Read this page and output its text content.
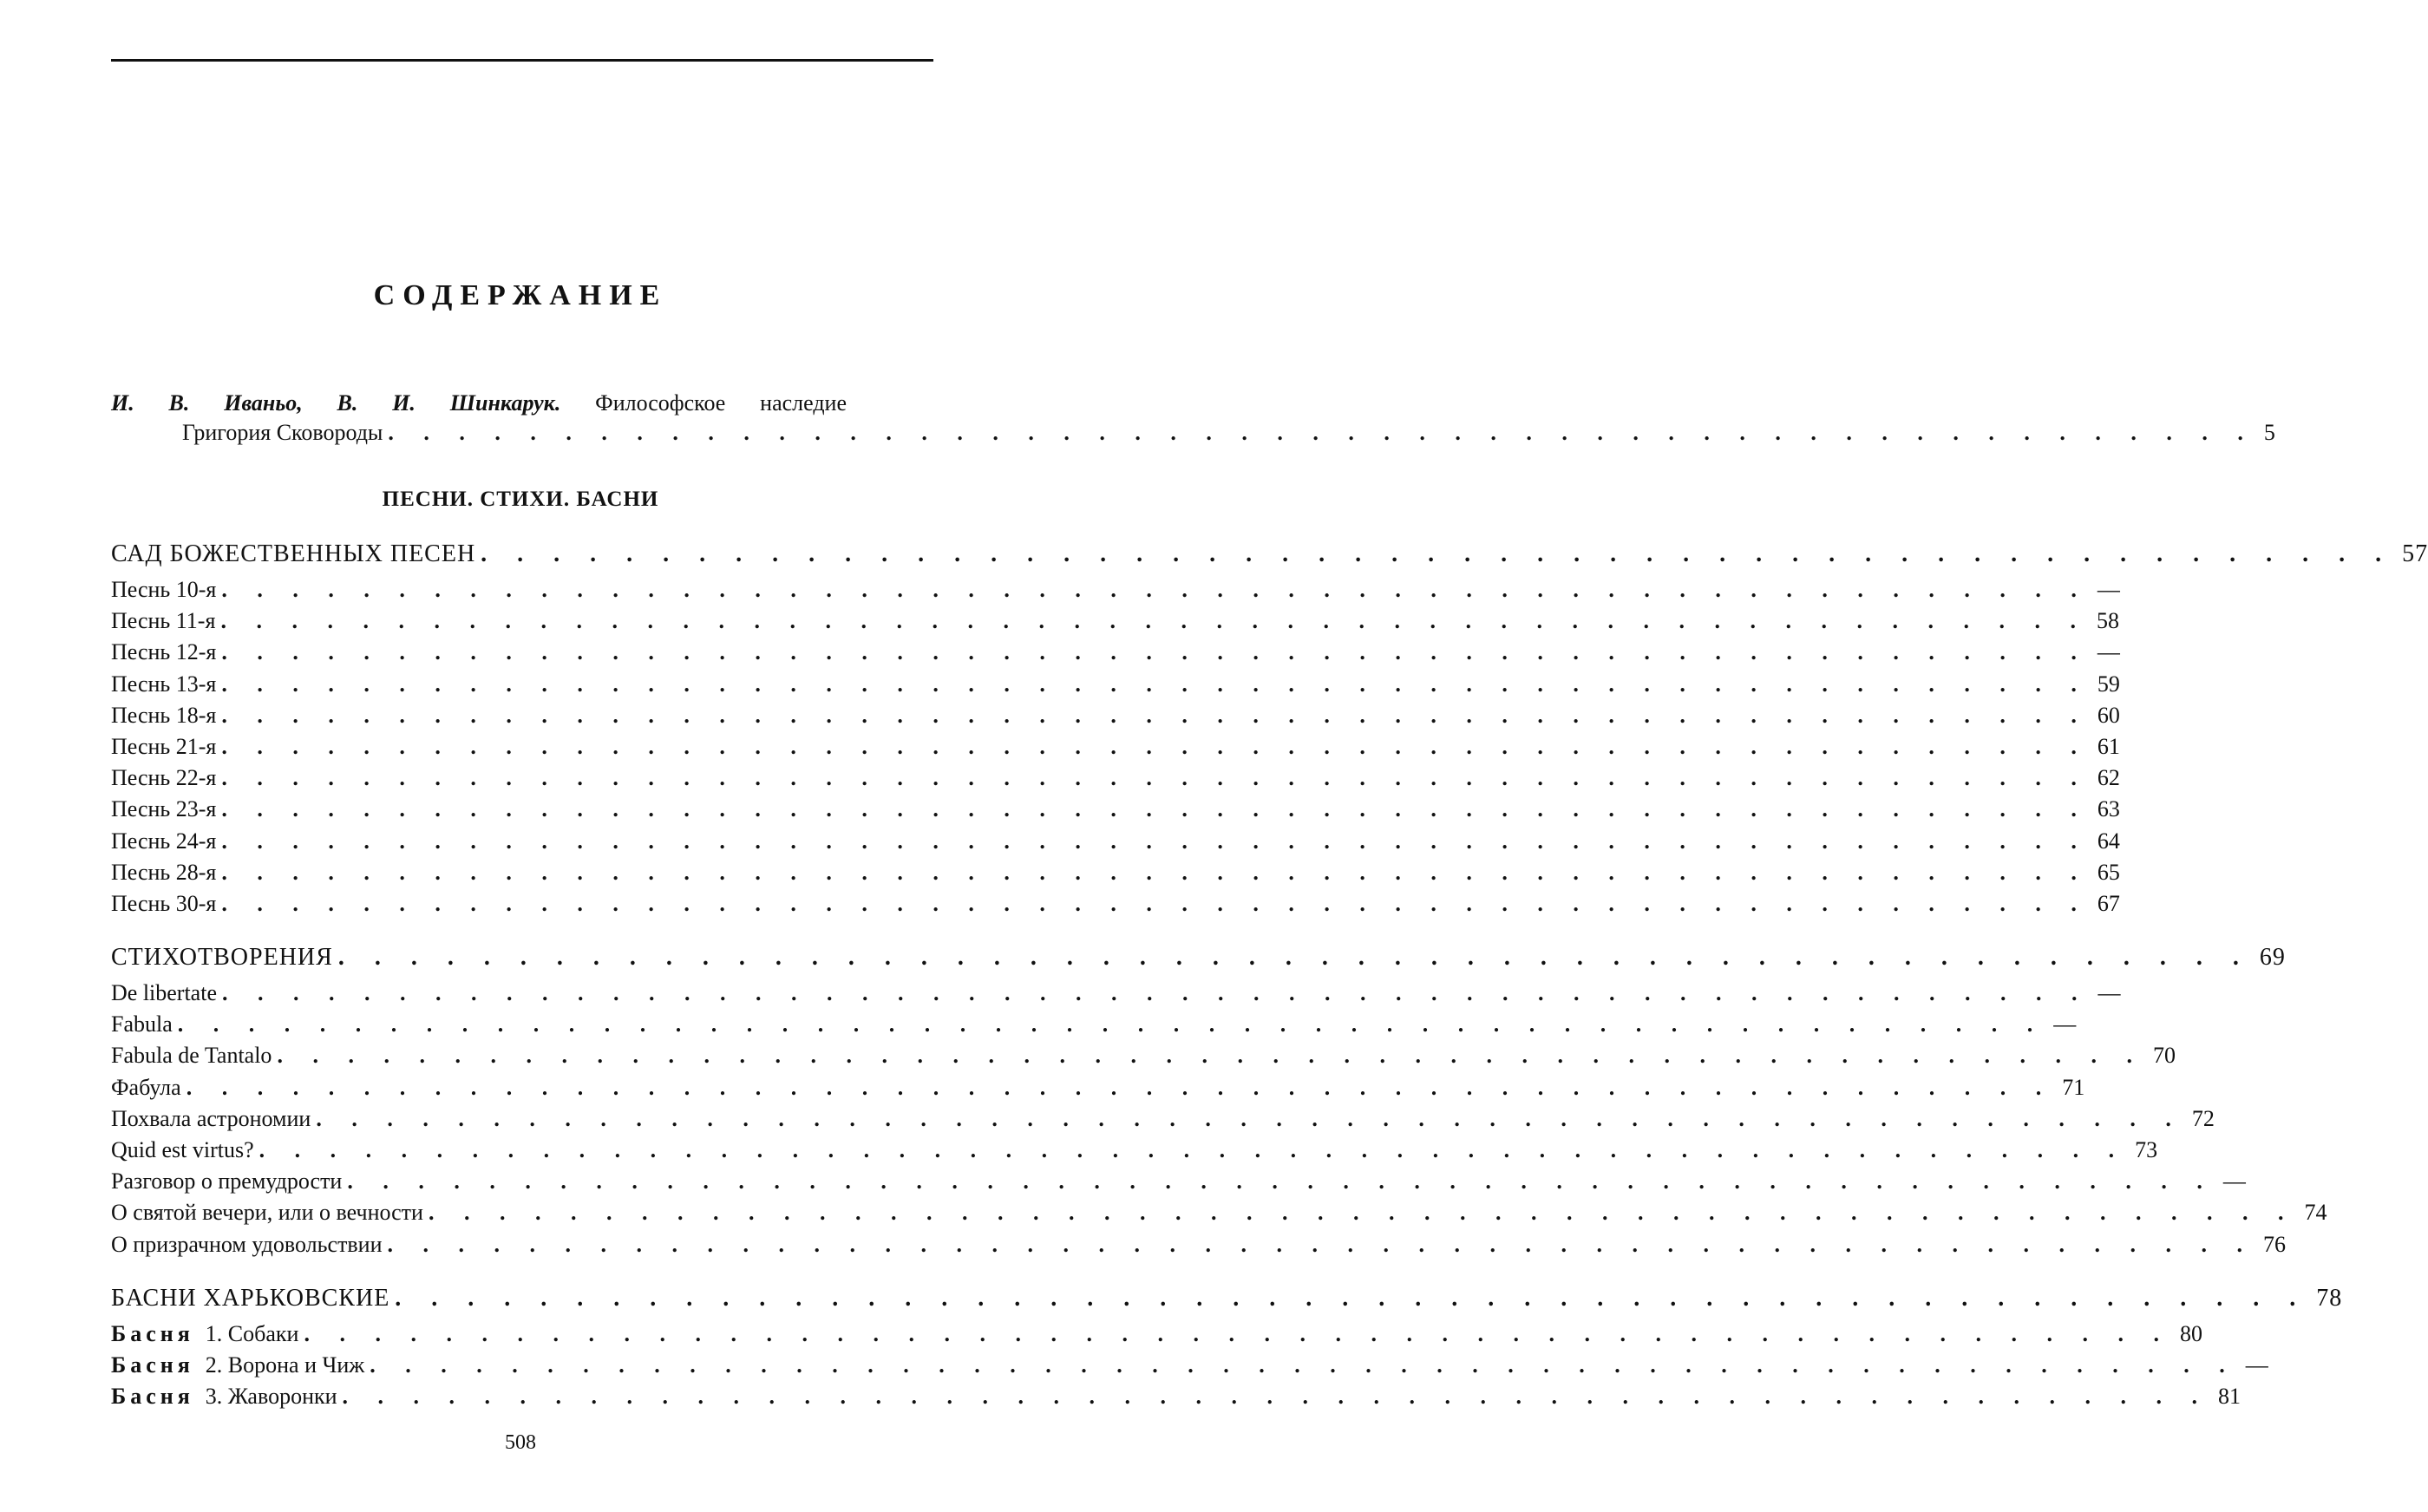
СОДЕРЖАНИЕ
И. В. Иваньо, В. И. Шинкарук. Философское наследие
Григория Сковороды . . . . . . . . . . . . . . . . . . . . . . . . . . . . . . . . . . . . . . . . . . . . . . . . . . . . . 5
ПЕСНИ. СТИХИ. БАСНИ
САД БОЖЕСТВЕННЫХ ПЕСЕН . . . . . . . . . . . . . . . . . . . . . . . . . . . . . . . . . . . . . . . . . . . . . . . . . . . . . 57
Песнь 10-я . . . . . . . . . . . . . . . . . . . . . . . . . . . . . . . . . . . . . . . . . . . . . . . . . . . . . —
Песнь 11-я . . . . . . . . . . . . . . . . . . . . . . . . . . . . . . . . . . . . . . . . . . . . . . . . . . . . . 58
Песнь 12-я . . . . . . . . . . . . . . . . . . . . . . . . . . . . . . . . . . . . . . . . . . . . . . . . . . . . . —
Песнь 13-я . . . . . . . . . . . . . . . . . . . . . . . . . . . . . . . . . . . . . . . . . . . . . . . . . . . . . 59
Песнь 18-я . . . . . . . . . . . . . . . . . . . . . . . . . . . . . . . . . . . . . . . . . . . . . . . . . . . . . 60
Песнь 21-я . . . . . . . . . . . . . . . . . . . . . . . . . . . . . . . . . . . . . . . . . . . . . . . . . . . . . 61
Песнь 22-я . . . . . . . . . . . . . . . . . . . . . . . . . . . . . . . . . . . . . . . . . . . . . . . . . . . . . 62
Песнь 23-я . . . . . . . . . . . . . . . . . . . . . . . . . . . . . . . . . . . . . . . . . . . . . . . . . . . . . 63
Песнь 24-я . . . . . . . . . . . . . . . . . . . . . . . . . . . . . . . . . . . . . . . . . . . . . . . . . . . . . 64
Песнь 28-я . . . . . . . . . . . . . . . . . . . . . . . . . . . . . . . . . . . . . . . . . . . . . . . . . . . . . 65
Песнь 30-я . . . . . . . . . . . . . . . . . . . . . . . . . . . . . . . . . . . . . . . . . . . . . . . . . . . . . 67
СТИХОТВОРЕНИЯ . . . . . . . . . . . . . . . . . . . . . . . . . . . . . . . . . . . . . . . . . . . . . . . . . . . . . 69
De libertate . . . . . . . . . . . . . . . . . . . . . . . . . . . . . . . . . . . . . . . . . . . . . . . . . . . . . —
Fabula . . . . . . . . . . . . . . . . . . . . . . . . . . . . . . . . . . . . . . . . . . . . . . . . . . . . . —
Fabula de Tantalo . . . . . . . . . . . . . . . . . . . . . . . . . . . . . . . . . . . . . . . . . . . . . . . . . . . . . 70
Фабула . . . . . . . . . . . . . . . . . . . . . . . . . . . . . . . . . . . . . . . . . . . . . . . . . . . . . 71
Похвала астрономии . . . . . . . . . . . . . . . . . . . . . . . . . . . . . . . . . . . . . . . . . . . . . . . . . . . . . 72
Quid est virtus? . . . . . . . . . . . . . . . . . . . . . . . . . . . . . . . . . . . . . . . . . . . . . . . . . . . . . 73
Разговор о премудрости . . . . . . . . . . . . . . . . . . . . . . . . . . . . . . . . . . . . . . . . . . . . . . . . . . . . . —
О святой вечери, или о вечности . . . . . . . . . . . . . . . . . . . . . . . . . . . . . . . . . . . . . . . . . . . . . . . . . . . . . 74
О призрачном удовольствии . . . . . . . . . . . . . . . . . . . . . . . . . . . . . . . . . . . . . . . . . . . . . . . . . . . . . 76
БАСНИ ХАРЬКОВСКИЕ . . . . . . . . . . . . . . . . . . . . . . . . . . . . . . . . . . . . . . . . . . . . . . . . . . . . . 78
Басня 1. Собаки . . . . . . . . . . . . . . . . . . . . . . . . . . . . . . . . . . . . . . . . . . . . . . . . . . . . . 80
Басня 2. Ворона и Чиж . . . . . . . . . . . . . . . . . . . . . . . . . . . . . . . . . . . . . . . . . . . . . . . . . . . . . —
Басня 3. Жаворонки . . . . . . . . . . . . . . . . . . . . . . . . . . . . . . . . . . . . . . . . . . . . . . . . . . . . . 81
508
